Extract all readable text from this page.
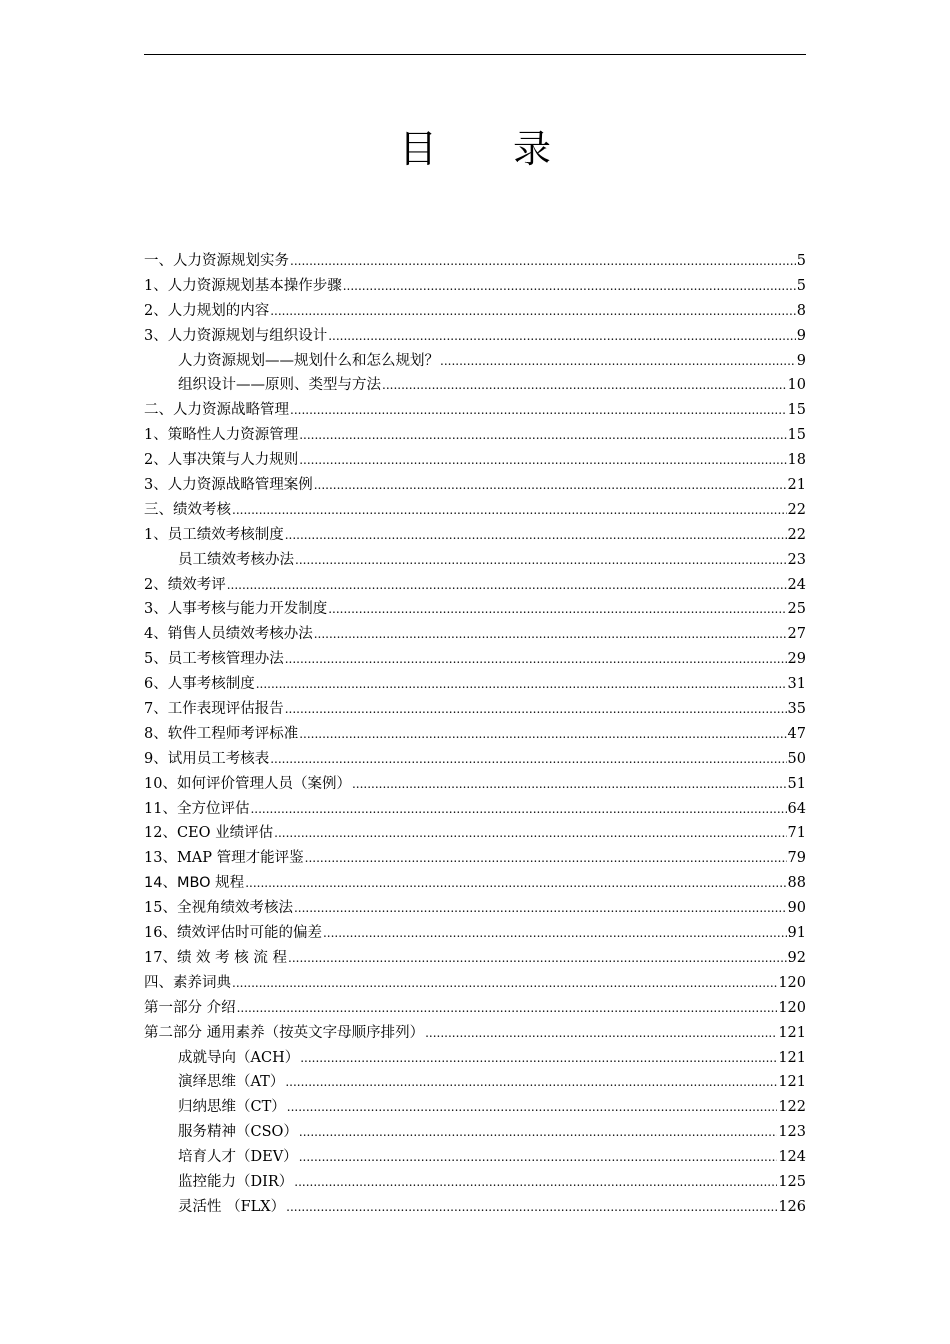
目 录
一、人力资源规划实务 .....	5
1、人力资源规划基本操作步骤 .....	5
2、人力规划的内容 .....	8
3、人力资源规划与组织设计 .....	9
人力资源规划——规划什么和怎么规划？ .....	9
组织设计——原则、类型与方法 .....	10
二、人力资源战略管理 .....	15
1、策略性人力资源管理 .....	15
2、人事决策与人力规则 .....	18
3、人力资源战略管理案例 .....	21
三、绩效考核 .....	22
1、员工绩效考核制度 .....	22
员工绩效考核办法 .....	23
2、绩效考评 .....	24
3、人事考核与能力开发制度 .....	25
4、销售人员绩效考核办法 .....	27
5、员工考核管理办法 .....	29
6、人事考核制度 .....	31
7、工作表现评估报告 .....	35
8、软件工程师考评标准 .....	47
9、试用员工考核表 .....	50
10、如何评价管理人员（案例） .....	51
11、全方位评估 .....	64
12、CEO 业绩评估 .....	71
13、MAP 管理才能评鉴 .....	79
14、MBO 规程 .....	88
15、全视角绩效考核法 .....	90
16、绩效评估时可能的偏差 .....	91
17、绩 效 考 核 流 程 .....	92
四、素养词典 .....	120
第一部分 介绍 .....	120
第二部分 通用素养（按英文字母顺序排列） .....	121
成就导向（ACH） .....	121
演绎思维（AT） .....	121
归纳思维（CT） .....	122
服务精神（CSO） .....	123
培育人才（DEV） .....	124
监控能力（DIR） .....	125
灵活性 （FLX） .....	126
